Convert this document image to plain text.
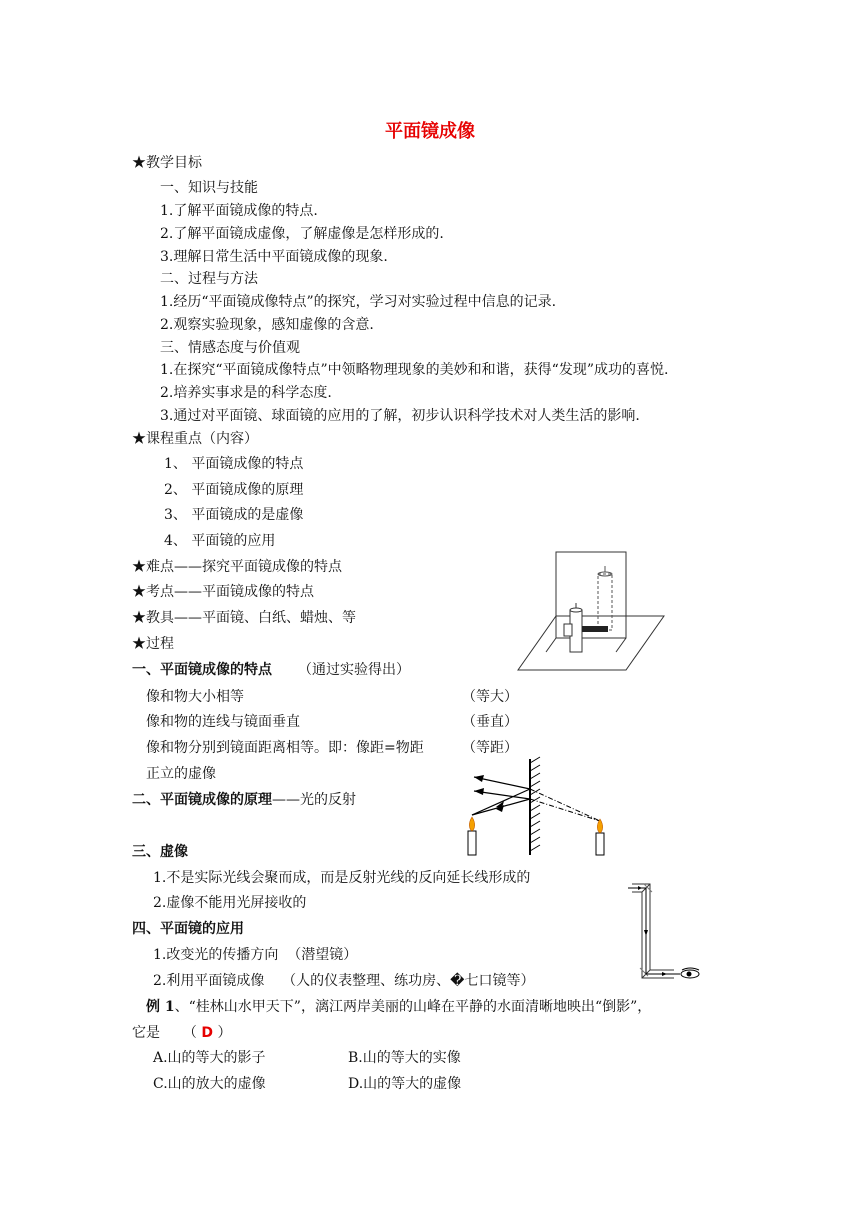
平面镜成像
★教学目标
一、知识与技能
1.了解平面镜成像的特点.
2.了解平面镜成虚像，了解虚像是怎样形成的.
3.理解日常生活中平面镜成像的现象.
二、过程与方法
1.经历“平面镜成像特点”的探究，学习对实验过程中信息的记录.
2.观察实验现象，感知虚像的含意.
三、情感态度与价值观
1.在探究“平面镜成像特点”中领略物理现象的美妙和和谐，获得“发现”成功的喜悦.
2.培养实事求是的科学态度.
3.通过对平面镜、球面镜的应用的了解，初步认识科学技术对人类生活的影响.
★课程重点（内容）
1、 平面镜成像的特点
2、 平面镜成像的原理
3、 平面镜成的是虚像
4、 平面镜的应用
★难点——探究平面镜成像的特点
★考点——平面镜成像的特点
★教具——平面镜、白纸、蜡烛、等
★过程
一、平面镜成像的特点 （通过实验得出）
像和物大小相等	（等大）
像和物的连线与镜面垂直	（垂直）
像和物分别到镜面距离相等。即：像距=物距	（等距）
正立的虚像
二、平面镜成像的原理——光的反射
三、虚像
1.不是实际光线会聚而成，而是反射光线的反向延长线形成的
2.虚像不能用光屏接收的
四、平面镜的应用
1.改变光的传播方向  （潜望镜）
2.利用平面镜成像    （人的仪表整理、练功房、�七口镜等）
例 1、“桂林山水甲天下”，漓江两岸美丽的山峰在平静的水面清晰地映出“倒影”，
它是 （ D ）
A.山的等大的影子	B.山的等大的实像
C.山的放大的虚像	D.山的等大的虚像
